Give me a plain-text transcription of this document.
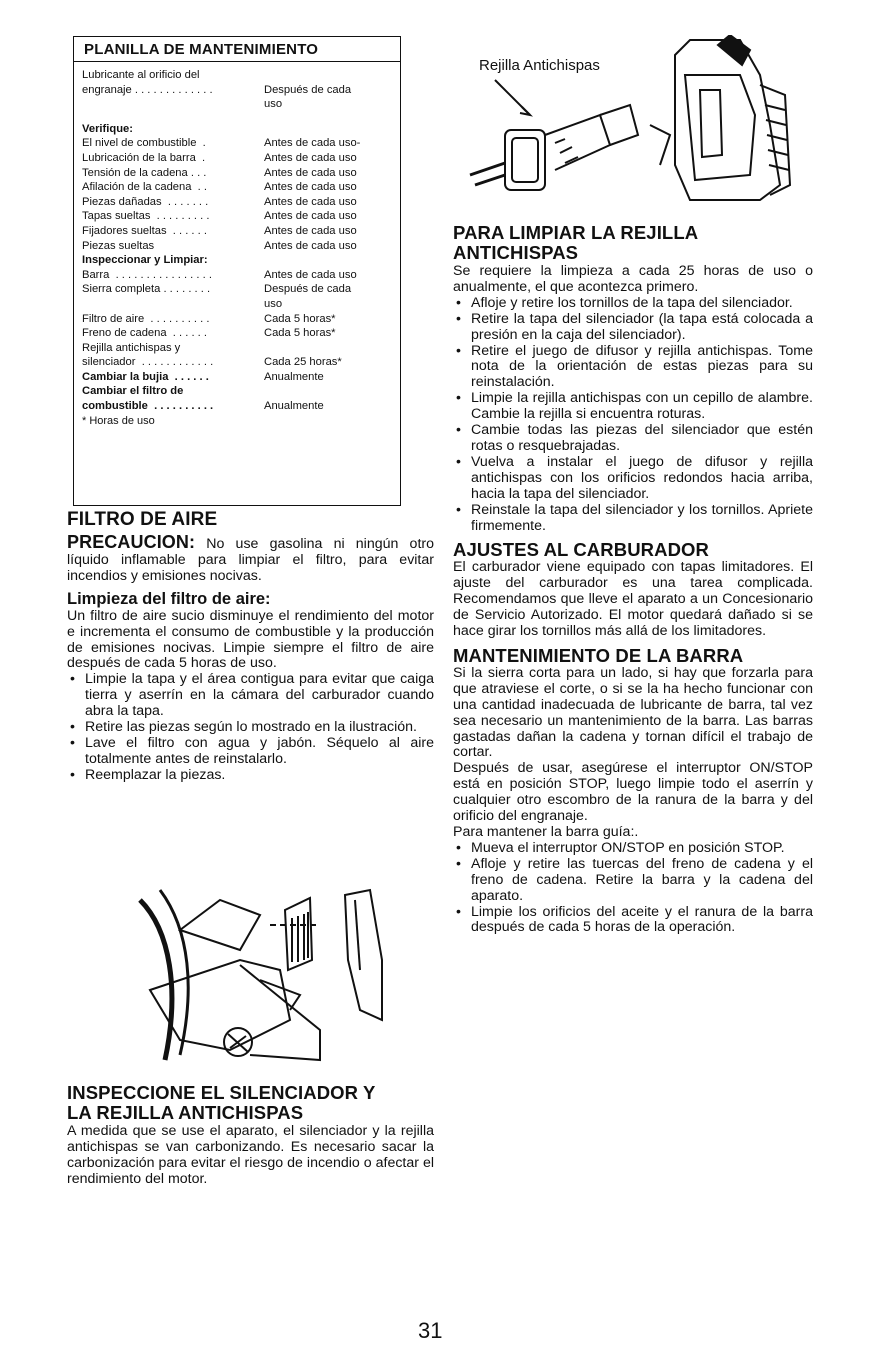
PLANILLA DE MANTENIMIENTO
Lubricante al orificio del
engranaje . . . . . . . . . . . . .	Después de cada
uso
Verifique:
El nivel de combustible  .	Antes de cada uso-
Lubricación de la barra  .	Antes de cada uso
Tensión de la cadena . . .	Antes de cada uso
Afilación de la cadena  . .	Antes de cada uso
Piezas dañadas  . . . . . . .	Antes de cada uso
Tapas sueltas  . . . . . . . . .	Antes de cada uso
Fijadores sueltas  . . . . . .	Antes de cada uso
Piezas sueltas	Antes de cada uso
Inspeccionar y Limpiar:
Barra  . . . . . . . . . . . . . . . .	Antes de cada uso
Sierra completa . . . . . . . .	Después de cada
uso
Filtro de aire  . . . . . . . . . .	Cada 5 horas*
Freno de cadena  . . . . . .	Cada 5 horas*
Rejilla antichispas y
silenciador  . . . . . . . . . . . .	Cada 25 horas*
Cambiar la bujia  . . . . . .	Anualmente
Cambiar el filtro de
combustible  . . . . . . . . . .	Anualmente
* Horas de uso
FILTRO DE AIRE

PRECAUCION: No use gasolina ni ningún otro líquido inflamable para limpiar el filtro, para evitar incendios y emisiones nocivas.

Limpieza del filtro de aire:

Un filtro de aire sucio disminuye el rendimiento del motor e incrementa el consumo de combustible y la producción de emisiones nocivas. Limpie siempre el filtro de aire después de cada 5 horas de uso.

• Limpie la tapa y el área contigua para evitar que caiga tierra y aserrín en la cámara del carburador cuando abra la tapa.
• Retire las piezas según lo mostrado en la ilustración.
• Lave el filtro con agua y jabón. Séquelo al aire totalmente antes de reinstalarlo.
• Reemplazar la piezas.
INSPECCIONE EL SILENCIADOR Y
LA REJILLA ANTICHISPAS

A medida que se use el aparato, el silenciador y la rejilla antichispas se van carbonizando. Es necesario sacar la carbonización para evitar el riesgo de incendio o afectar el rendimiento del motor.

Rejilla Antichispas
PARA LIMPIAR LA REJILLA
ANTICHISPAS

Se requiere la limpieza a cada 25 horas de uso o anualmente, el que acontezca primero.

• Afloje y retire los tornillos de la tapa del silenciador.
• Retire la tapa del silenciador (la tapa está colocada a presión en la caja del silenciador).
• Retire el juego de difusor y rejilla antichispas. Tome nota de la orientación de estas piezas para su reinstalación.
• Limpie la rejilla antichispas con un cepillo de alambre. Cambie la rejilla si encuentra roturas.
• Cambie todas las piezas del silenciador que estén rotas o resquebrajadas.
• Vuelva a instalar el juego de difusor y rejilla antichispas con los orificios redondos hacia arriba, hacia la tapa del silenciador.
• Reinstale la tapa del silenciador y los tornillos. Apriete firmemente.
AJUSTES AL CARBURADOR

El carburador viene equipado con tapas limitadores. El ajuste del carburador es una tarea complicada. Recomendamos que lleve el aparato a un Concesionario de Servicio Autorizado. El motor quedará dañado si se hace girar los tornillos más allá de los limitadores.

MANTENIMIENTO DE LA BARRA

Si la sierra corta para un lado, si hay que forzarla para que atraviese el corte, o si se la ha hecho funcionar con una cantidad inadecuada de lubricante de barra, tal vez sea necesario un mantenimiento de la barra. Las barras gastadas dañan la cadena y tornan difícil el trabajo de cortar.

Después de usar, asegúrese el interruptor ON/STOP está en posición STOP, luego limpie todo el aserrín y cualquier otro escombro de la ranura de la barra y del orificio del engranaje.

Para mantener la barra guía:.

• Mueva el interruptor ON/STOP en posición STOP.
• Afloje y retire las tuercas del freno de cadena y el freno de cadena. Retire la barra y la cadena del aparato.
• Limpie los orificios del aceite y el ranura de la barra después de cada 5 horas de la operación.
31
